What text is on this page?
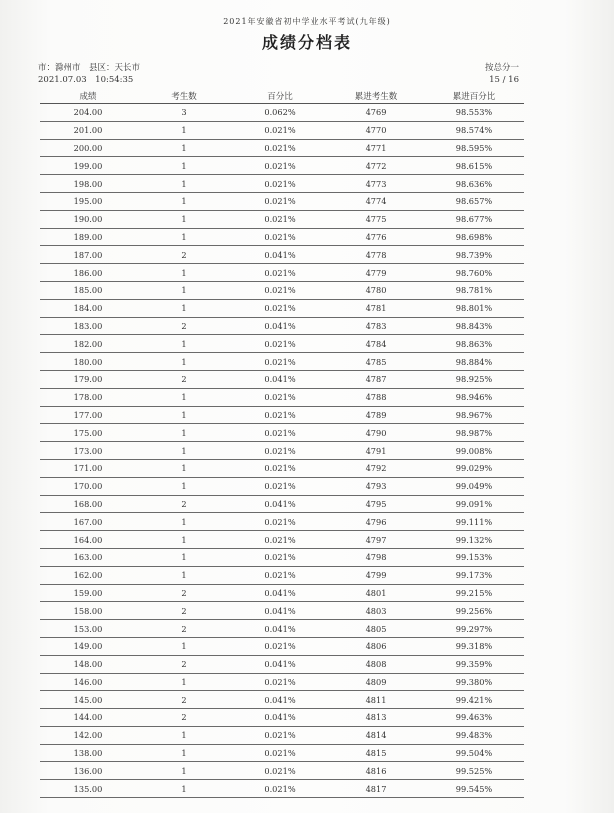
2021年安徽省初中学业水平考试(九年级)
成绩分档表
市：滁州市　县区：天长市
2021.07.03　10:54:35
按总分一
15 / 16
成绩	考生数	百分比	累进考生数	累进百分比
204.00	3	0.062%	4769	98.553%
201.00	1	0.021%	4770	98.574%
200.00	1	0.021%	4771	98.595%
199.00	1	0.021%	4772	98.615%
198.00	1	0.021%	4773	98.636%
195.00	1	0.021%	4774	98.657%
190.00	1	0.021%	4775	98.677%
189.00	1	0.021%	4776	98.698%
187.00	2	0.041%	4778	98.739%
186.00	1	0.021%	4779	98.760%
185.00	1	0.021%	4780	98.781%
184.00	1	0.021%	4781	98.801%
183.00	2	0.041%	4783	98.843%
182.00	1	0.021%	4784	98.863%
180.00	1	0.021%	4785	98.884%
179.00	2	0.041%	4787	98.925%
178.00	1	0.021%	4788	98.946%
177.00	1	0.021%	4789	98.967%
175.00	1	0.021%	4790	98.987%
173.00	1	0.021%	4791	99.008%
171.00	1	0.021%	4792	99.029%
170.00	1	0.021%	4793	99.049%
168.00	2	0.041%	4795	99.091%
167.00	1	0.021%	4796	99.111%
164.00	1	0.021%	4797	99.132%
163.00	1	0.021%	4798	99.153%
162.00	1	0.021%	4799	99.173%
159.00	2	0.041%	4801	99.215%
158.00	2	0.041%	4803	99.256%
153.00	2	0.041%	4805	99.297%
149.00	1	0.021%	4806	99.318%
148.00	2	0.041%	4808	99.359%
146.00	1	0.021%	4809	99.380%
145.00	2	0.041%	4811	99.421%
144.00	2	0.041%	4813	99.463%
142.00	1	0.021%	4814	99.483%
138.00	1	0.021%	4815	99.504%
136.00	1	0.021%	4816	99.525%
135.00	1	0.021%	4817	99.545%
